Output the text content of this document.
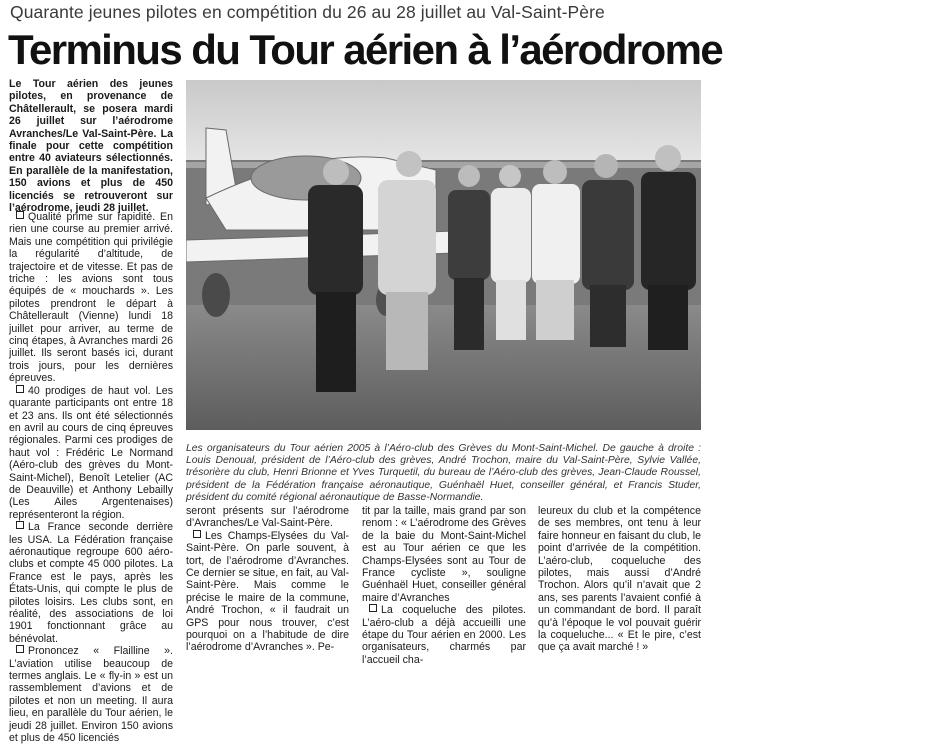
Quarante jeunes pilotes en compétition du 26 au 28 juillet au Val-Saint-Père
Terminus du Tour aérien à l’aérodrome

Le Tour aérien des jeunes pilotes, en provenance de Châtellerault, se posera mardi 26 juillet sur l’aérodrome Avranches/Le Val-Saint-Père. La finale pour cette compétition entre 40 aviateurs sélectionnés. En parallèle de la manifestation, 150 avions et plus de 450 licenciés se retrouveront sur l’aérodrome, jeudi 28 juillet.

Qualité prime sur rapidité. En rien une course au premier arrivé. Mais une compétition qui privilégie la régularité d’altitude, de trajectoire et de vitesse. Et pas de triche : les avions sont tous équipés de « mouchards ». Les pilotes prendront le départ à Châtellerault (Vienne) lundi 18 juillet pour arriver, au terme de cinq étapes, à Avranches mardi 26 juillet. Ils seront basés ici, durant trois jours, pour les dernières épreuves.

40 prodiges de haut vol. Les quarante participants ont entre 18 et 23 ans. Ils ont été sélectionnés en avril au cours de cinq épreuves régionales. Parmi ces prodiges de haut vol : Frédéric Le Normand (Aéro-club des grèves du Mont-Saint-Michel), Benoît Letelier (AC de Deauville) et Anthony Lebailly (Les Ailes Argentenaises) représenteront la région.

La France seconde derrière les USA. La Fédération française aéronautique regroupe 600 aéro-clubs et compte 45 000 pilotes. La France est le pays, après les États-Unis, qui compte le plus de pilotes loisirs. Les clubs sont, en réalité, des associations de loi 1901 fonctionnant grâce au bénévolat.

Prononcez « Flailline ». L’aviation utilise beaucoup de termes anglais. Le « fly-in » est un rassemblement d’avions et de pilotes et non un meeting. Il aura lieu, en parallèle du Tour aérien, le jeudi 28 juillet. Environ 150 avions et plus de 450 licenciés

Les organisateurs du Tour aérien 2005 à l’Aéro-club des Grèves du Mont-Saint-Michel. De gauche à droite : Louis Denoual, président de l’Aéro-club des grèves, André Trochon, maire du Val-Saint-Père, Sylvie Vallée, trésorière du club, Henri Brionne et Yves Turquetil, du bureau de l’Aéro-club des grèves, Jean-Claude Roussel, président de la Fédération française aéronautique, Guénhaël Huet, conseiller général, et Francis Studer, président du comité régional aéronautique de Basse-Normandie.

seront présents sur l’aérodrome d’Avranches/Le Val-Saint-Père.

Les Champs-Elysées du Val-Saint-Père. On parle souvent, à tort, de l’aérodrome d’Avranches. Ce dernier se situe, en fait, au Val-Saint-Père. Mais comme le précise le maire de la commune, André Trochon, « il faudrait un GPS pour nous trouver, c’est pourquoi on a l’habitude de dire l’aérodrome d’Avranches ». Pe-

tit par la taille, mais grand par son renom : « L’aérodrome des Grèves de la baie du Mont-Saint-Michel est au Tour aérien ce que les Champs-Elysées sont au Tour de France cycliste », souligne Guénhaël Huet, conseiller général maire d’Avranches

La coqueluche des pilotes. L’aéro-club a déjà accueilli une étape du Tour aérien en 2000. Les organisateurs, charmés par l’accueil cha-

leureux du club et la compétence de ses membres, ont tenu à leur faire honneur en faisant du club, le point d’arrivée de la compétition. L’aéro-club, coqueluche des pilotes, mais aussi d’André Trochon. Alors qu’il n’avait que 2 ans, ses parents l’avaient confié à un commandant de bord. Il paraît qu’à l’époque le vol pouvait guérir la coqueluche... « Et le pire, c’est que ça avait marché ! »
